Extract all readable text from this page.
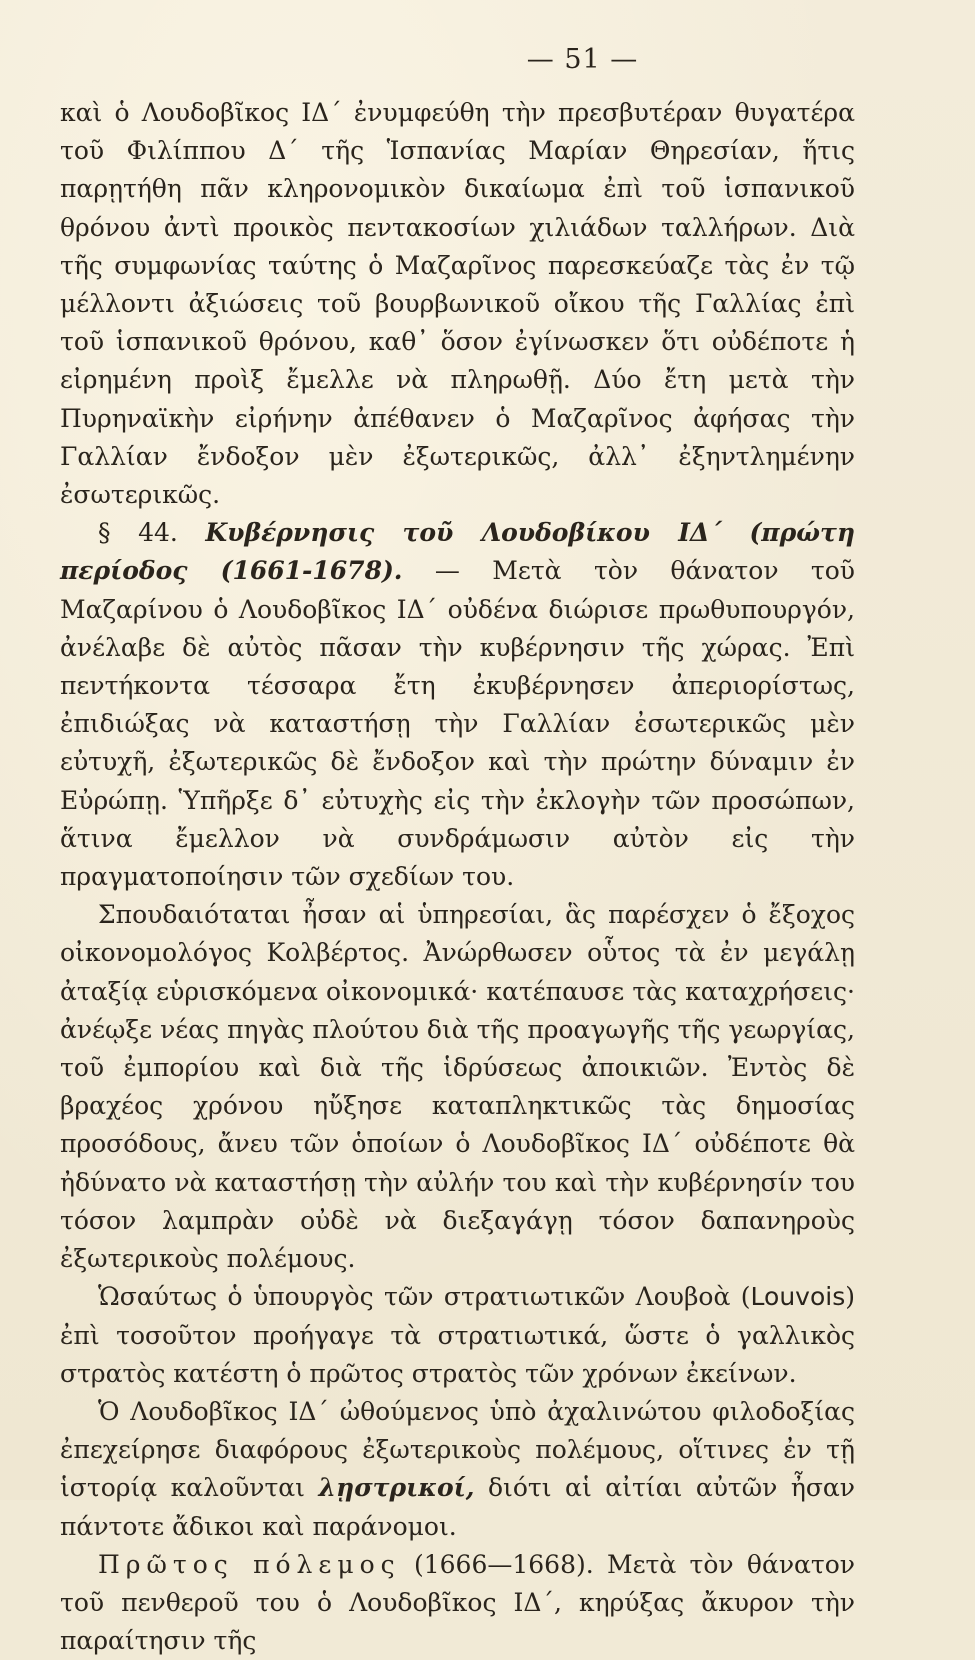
— 51 —

καὶ ὁ Λουδοβῖκος ΙΔ΄ ἐνυμφεύθη τὴν πρεσβυτέραν θυγατέρα τοῦ Φιλίππου Δ΄ τῆς Ἱσπανίας Μαρίαν Θηρεσίαν, ἥτις παρῃτήθη πᾶν κληρονομικὸν δικαίωμα ἐπὶ τοῦ ἱσπανικοῦ θρόνου ἀντὶ προικὸς πεντακοσίων χιλιάδων ταλλήρων. Διὰ τῆς συμφωνίας ταύτης ὁ Μαζαρῖνος παρεσκεύαζε τὰς ἐν τῷ μέλλοντι ἀξιώσεις τοῦ βουρβωνικοῦ οἴκου τῆς Γαλλίας ἐπὶ τοῦ ἱσπανικοῦ θρόνου, καθ᾿ ὅσον ἐγίνωσκεν ὅτι οὐδέποτε ἡ εἰρημένη προὶξ ἔμελλε νὰ πληρωθῇ. Δύο ἔτη μετὰ τὴν Πυρηναϊκὴν εἰρήνην ἀπέθανεν ὁ Μαζαρῖνος ἀφήσας τὴν Γαλλίαν ἔνδοξον μὲν ἐξωτερικῶς, ἀλλ᾿ ἐξηντλημένην ἐσωτερικῶς.

§ 44. Κυβέρνησις τοῦ Λουδοβίκου ΙΔ΄ (πρώτη περίοδος (1661-1678). — Μετὰ τὸν θάνατον τοῦ Μαζαρίνου ὁ Λουδοβῖκος ΙΔ΄ οὐδένα διώρισε πρωθυπουργόν, ἀνέλαβε δὲ αὐτὸς πᾶσαν τὴν κυβέρνησιν τῆς χώρας. Ἐπὶ πεντήκοντα τέσσαρα ἔτη ἐκυβέρνησεν ἀπεριορίστως, ἐπιδιώξας νὰ καταστήσῃ τὴν Γαλλίαν ἐσωτερικῶς μὲν εὐτυχῆ, ἐξωτερικῶς δὲ ἔνδοξον καὶ τὴν πρώτην δύναμιν ἐν Εὐρώπῃ. Ὑπῆρξε δ᾿ εὐτυχὴς εἰς τὴν ἐκλογὴν τῶν προσώπων, ἅτινα ἔμελλον νὰ συνδράμωσιν αὐτὸν εἰς τὴν πραγματοποίησιν τῶν σχεδίων του.

Σπουδαιόταται ἦσαν αἱ ὑπηρεσίαι, ἃς παρέσχεν ὁ ἔξοχος οἰκονομολόγος Κολβέρτος. Ἀνώρθωσεν οὗτος τὰ ἐν μεγάλῃ ἀταξίᾳ εὑρισκόμενα οἰκονομικά· κατέπαυσε τὰς καταχρήσεις· ἀνέῳξε νέας πηγὰς πλούτου διὰ τῆς προαγωγῆς τῆς γεωργίας, τοῦ ἐμπορίου καὶ διὰ τῆς ἱδρύσεως ἀποικιῶν. Ἐντὸς δὲ βραχέος χρόνου ηὔξησε καταπληκτικῶς τὰς δημοσίας προσόδους, ἄνευ τῶν ὁποίων ὁ Λουδοβῖκος ΙΔ΄ οὐδέποτε θὰ ἠδύνατο νὰ καταστήσῃ τὴν αὐλήν του καὶ τὴν κυβέρνησίν του τόσον λαμπρὰν οὐδὲ νὰ διεξαγάγῃ τόσον δαπανηροὺς ἐξωτερικοὺς πολέμους.

Ὡσαύτως ὁ ὑπουργὸς τῶν στρατιωτικῶν Λουβοὰ (Louvois) ἐπὶ τοσοῦτον προήγαγε τὰ στρατιωτικά, ὥστε ὁ γαλλικὸς στρατὸς κατέστη ὁ πρῶτος στρατὸς τῶν χρόνων ἐκείνων.

Ὁ Λουδοβῖκος ΙΔ΄ ὠθούμενος ὑπὸ ἀχαλινώτου φιλοδοξίας ἐπεχείρησε διαφόρους ἐξωτερικοὺς πολέμους, οἵτινες ἐν τῇ ἱστορίᾳ καλοῦνται λῃστρικοί, διότι αἱ αἰτίαι αὐτῶν ἦσαν πάντοτε ἄδικοι καὶ παράνομοι.

Πρῶτος πόλεμος (1666—1668). Μετὰ τὸν θάνατον τοῦ πενθεροῦ του ὁ Λουδοβῖκος ΙΔ΄, κηρύξας ἄκυρον τὴν παραίτησιν τῆς
